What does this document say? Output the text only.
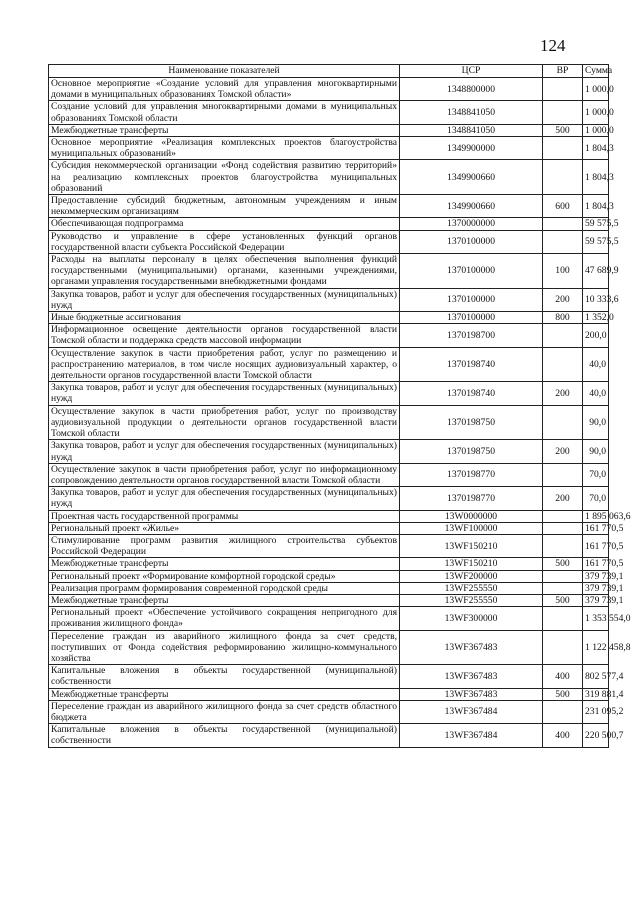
124
Наименование показателей	ЦСР	ВР	Сумма
Основное мероприятие «Создание условий для управления многоквартирными домами в муниципальных образованиях Томской области»	1348800000		1 000,0
Создание условий для управления многоквартирными домами в муниципальных образованиях Томской области	1348841050		1 000,0
Межбюджетные трансферты	1348841050	500	1 000,0
Основное мероприятие «Реализация комплексных проектов благоустройства муниципальных образований»	1349900000		1 804,3
Субсидия некоммерческой организации «Фонд содействия развитию территорий» на реализацию комплексных проектов благоустройства муниципальных образований	1349900660		1 804,3
Предоставление субсидий бюджетным, автономным учреждениям и иным некоммерческим организациям	1349900660	600	1 804,3
Обеспечивающая подпрограмма	1370000000		59 575,5
Руководство и управление в сфере установленных функций органов государственной власти субъекта Российской Федерации	1370100000		59 575,5
Расходы на выплаты персоналу в целях обеспечения выполнения функций государственными (муниципальными) органами, казенными учреждениями, органами управления государственными внебюджетными фондами	1370100000	100	47 689,9
Закупка товаров, работ и услуг для обеспечения государственных (муниципальных) нужд	1370100000	200	10 333,6
Иные бюджетные ассигнования	1370100000	800	1 352,0
Информационное освещение деятельности органов государственной власти Томской области и поддержка средств массовой информации	1370198700		200,0
Осуществление закупок в части приобретения работ, услуг по размещению и распространению материалов, в том числе носящих аудиовизуальный характер, о деятельности органов государственной власти Томской области	1370198740		40,0
Закупка товаров, работ и услуг для обеспечения государственных (муниципальных) нужд	1370198740	200	40,0
Осуществление закупок в части приобретения работ, услуг по производству аудиовизуальной продукции о деятельности органов государственной власти Томской области	1370198750		90,0
Закупка товаров, работ и услуг для обеспечения государственных (муниципальных) нужд	1370198750	200	90,0
Осуществление закупок в части приобретения работ, услуг по информационному сопровождению деятельности органов государственной власти Томской области	1370198770		70,0
Закупка товаров, работ и услуг для обеспечения государственных (муниципальных) нужд	1370198770	200	70,0
Проектная часть государственной программы	13W0000000		1 895 063,6
Региональный проект «Жилье»	13WF100000		161 770,5
Стимулирование программ развития жилищного строительства субъектов Российской Федерации	13WF150210		161 770,5
Межбюджетные трансферты	13WF150210	500	161 770,5
Региональный проект «Формирование комфортной городской среды»	13WF200000		379 739,1
Реализация программ формирования современной городской среды	13WF255550		379 739,1
Межбюджетные трансферты	13WF255550	500	379 739,1
Региональный проект «Обеспечение устойчивого сокращения непригодного для проживания жилищного фонда»	13WF300000		1 353 554,0
Переселение граждан из аварийного жилищного фонда за счет средств, поступивших от Фонда содействия реформированию жилищно-коммунального хозяйства	13WF367483		1 122 458,8
Капитальные вложения в объекты государственной (муниципальной) собственности	13WF367483	400	802 577,4
Межбюджетные трансферты	13WF367483	500	319 881,4
Переселение граждан из аварийного жилищного фонда за счет средств областного бюджета	13WF367484		231 095,2
Капитальные вложения в объекты государственной (муниципальной) собственности	13WF367484	400	220 500,7
